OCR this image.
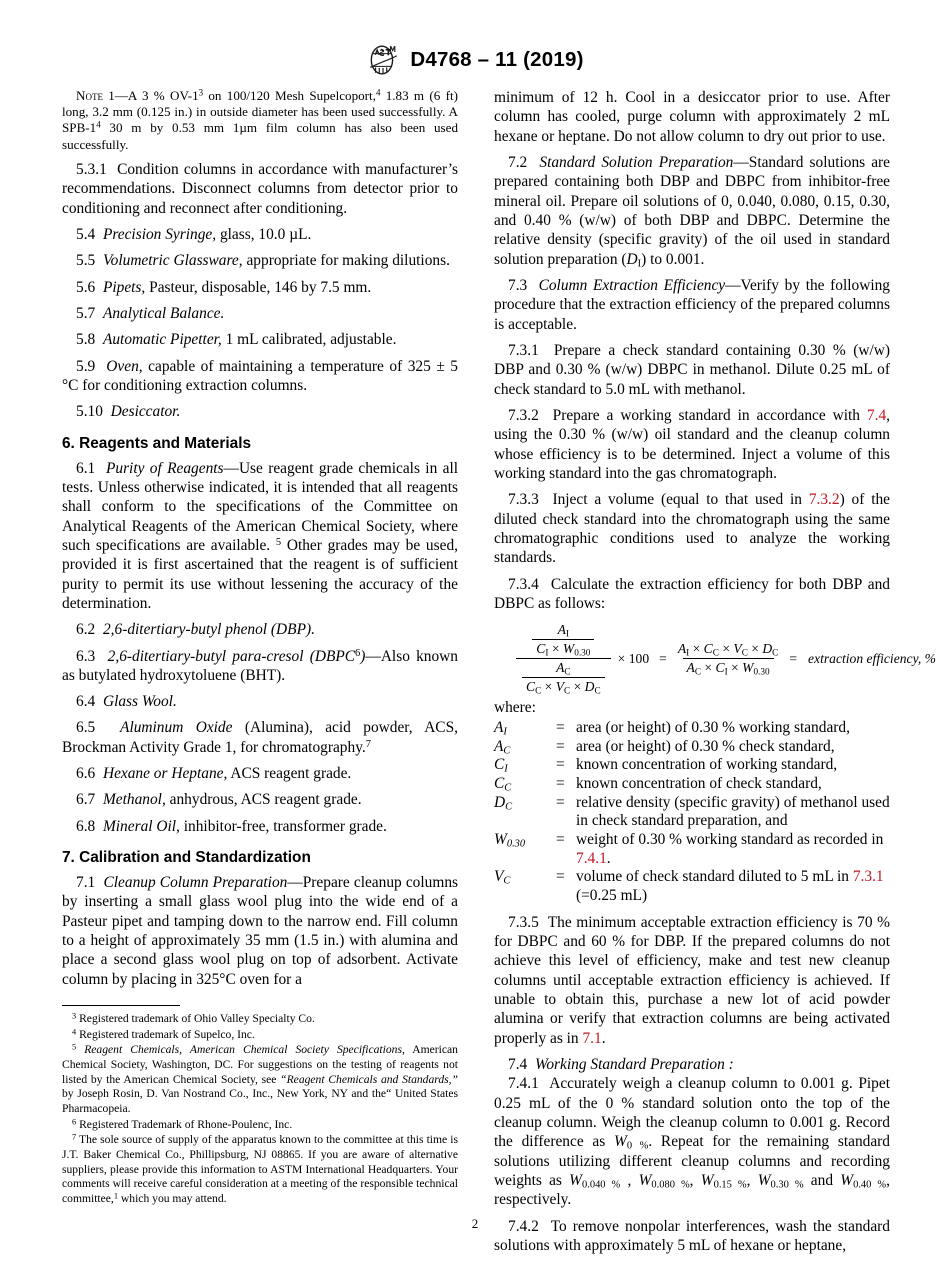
D4768 – 11 (2019)

Note 1—A 3 % $OV-1^3$ on 100/120 Mesh Supelcoport,$^4$ 1.83 m (6 ft) long, 3.2 mm (0.125 in.) in outside diameter has been used successfully. A SPB-$1^4$ 30 m by 0.53 mm 1µm film column has also been used successfully.

5.3.1 Condition columns in accordance with manufacturer’s recommendations. Disconnect columns from detector prior to conditioning and reconnect after conditioning.

5.4 Precision Syringe, glass, 10.0 µL.

5.5 Volumetric Glassware, appropriate for making dilutions.

5.6 Pipets, Pasteur, disposable, 146 by 7.5 mm.

5.7 Analytical Balance.

5.8 Automatic Pipetter, 1 mL calibrated, adjustable.

5.9 Oven, capable of maintaining a temperature of 325 ± 5 °C for conditioning extraction columns.

5.10 Desiccator.

6. Reagents and Materials

6.1 Purity of Reagents—Use reagent grade chemicals in all tests. Unless otherwise indicated, it is intended that all reagents shall conform to the specifications of the Committee on Analytical Reagents of the American Chemical Society, where such specifications are available. $^5$ Other grades may be used, provided it is first ascertained that the reagent is of sufficient purity to permit its use without lessening the accuracy of the determination.

6.2 2,6-ditertiary-butyl phenol (DBP).

6.3 2,6-ditertiary-butyl para-cresol (DBPC$^6$)—Also known as butylated hydroxytoluene (BHT).

6.4 Glass Wool.

6.5 Aluminum Oxide (Alumina), acid powder, ACS, Brockman Activity Grade 1, for chromatography.$^7$

6.6 Hexane or Heptane, ACS reagent grade.

6.7 Methanol, anhydrous, ACS reagent grade.

6.8 Mineral Oil, inhibitor-free, transformer grade.

7. Calibration and Standardization

7.1 Cleanup Column Preparation—Prepare cleanup columns by inserting a small glass wool plug into the wide end of a Pasteur pipet and tamping down to the narrow end. Fill column to a height of approximately 35 mm (1.5 in.) with alumina and place a second glass wool plug on top of adsorbent. Activate column by placing in 325°C oven for a

$^3$ Registered trademark of Ohio Valley Specialty Co.

$^4$ Registered trademark of Supelco, Inc.

$^5$ Reagent Chemicals, American Chemical Society Specifications, American Chemical Society, Washington, DC. For suggestions on the testing of reagents not listed by the American Chemical Society, see “Reagent Chemicals and Standards,” by Joseph Rosin, D. Van Nostrand Co., Inc., New York, NY and the“ United States Pharmacopeia.

$^6$ Registered Trademark of Rhone-Poulenc, Inc.

$^7$ The sole source of supply of the apparatus known to the committee at this time is J.T. Baker Chemical Co., Phillipsburg, NJ 08865. If you are aware of alternative suppliers, please provide this information to ASTM International Headquarters. Your comments will receive careful consideration at a meeting of the responsible technical committee,$^1$ which you may attend.

minimum of 12 h. Cool in a desiccator prior to use. After column has cooled, purge column with approximately 2 mL hexane or heptane. Do not allow column to dry out prior to use.

7.2 Standard Solution Preparation—Standard solutions are prepared containing both DBP and DBPC from inhibitor-free mineral oil. Prepare oil solutions of 0, 0.040, 0.080, 0.15, 0.30, and 0.40 % (w/w) of both DBP and DBPC. Determine the relative density (specific gravity) of the oil used in standard solution preparation $(D_I)$ to 0.001.

7.3 Column Extraction Efficiency—Verify by the following procedure that the extraction efficiency of the prepared columns is acceptable.

7.3.1 Prepare a check standard containing 0.30 % (w/w) DBP and 0.30 % (w/w) DBPC in methanol. Dilute 0.25 mL of check standard to 5.0 mL with methanol.

7.3.2 Prepare a working standard in accordance with 7.4, using the 0.30 % (w/w) oil standard and the cleanup column whose efficiency is to be determined. Inject a volume of this working standard into the gas chromatograph.

7.3.3 Inject a volume (equal to that used in 7.3.2) of the diluted check standard into the chromatograph using the same chromatographic conditions used to analyze the working standards.

7.3.4 Calculate the extraction efficiency for both DBP and DBPC as follows:

$\frac{\frac{A_I}{C_I \times W_{0.30}}}{\frac{A_C}{C_C \times V_C \times D_C}} \times 100 = \frac{A_I \times C_C \times V_C \times D_C}{A_C \times C_I \times W_{0.30}}$ = extraction efficiency, %
where:
$A_I$	= area (or height) of 0.30 % working standard,
$A_C$	= area (or height) of 0.30 % check standard,
$C_I$	= known concentration of working standard,
$C_C$	= known concentration of check standard,
$D_C$	= relative density (specific gravity) of methanol used
in check standard preparation, and
$W_{0.30}$	= weight of 0.30 % working standard as recorded in
7.4.1.
$V_C$	= volume of check standard diluted to 5 mL in 7.3.1
(=0.25 mL)

7.3.5 The minimum acceptable extraction efficiency is 70 % for DBPC and 60 % for DBP. If the prepared columns do not achieve this level of efficiency, make and test new cleanup columns until acceptable extraction efficiency is achieved. If unable to obtain this, purchase a new lot of acid powder alumina or verify that extraction columns are being activated properly as in 7.1.

7.4 Working Standard Preparation :

7.4.1 Accurately weigh a cleanup column to 0.001 g. Pipet 0.25 mL of the 0 % standard solution onto the top of the cleanup column. Weigh the cleanup column to 0.001 g. Record the difference as $W_{0 \%}$. Repeat for the remaining standard solutions utilizing different cleanup columns and recording weights as $W_{0.040 \%}$ , $W_{0.080 \%}$, $W_{0.15 \%}$, $W_{0.30 \%}$ and $W_{0.40 \%}$, respectively.

7.4.2 To remove nonpolar interferences, wash the standard solutions with approximately 5 mL of hexane or heptane,

2
